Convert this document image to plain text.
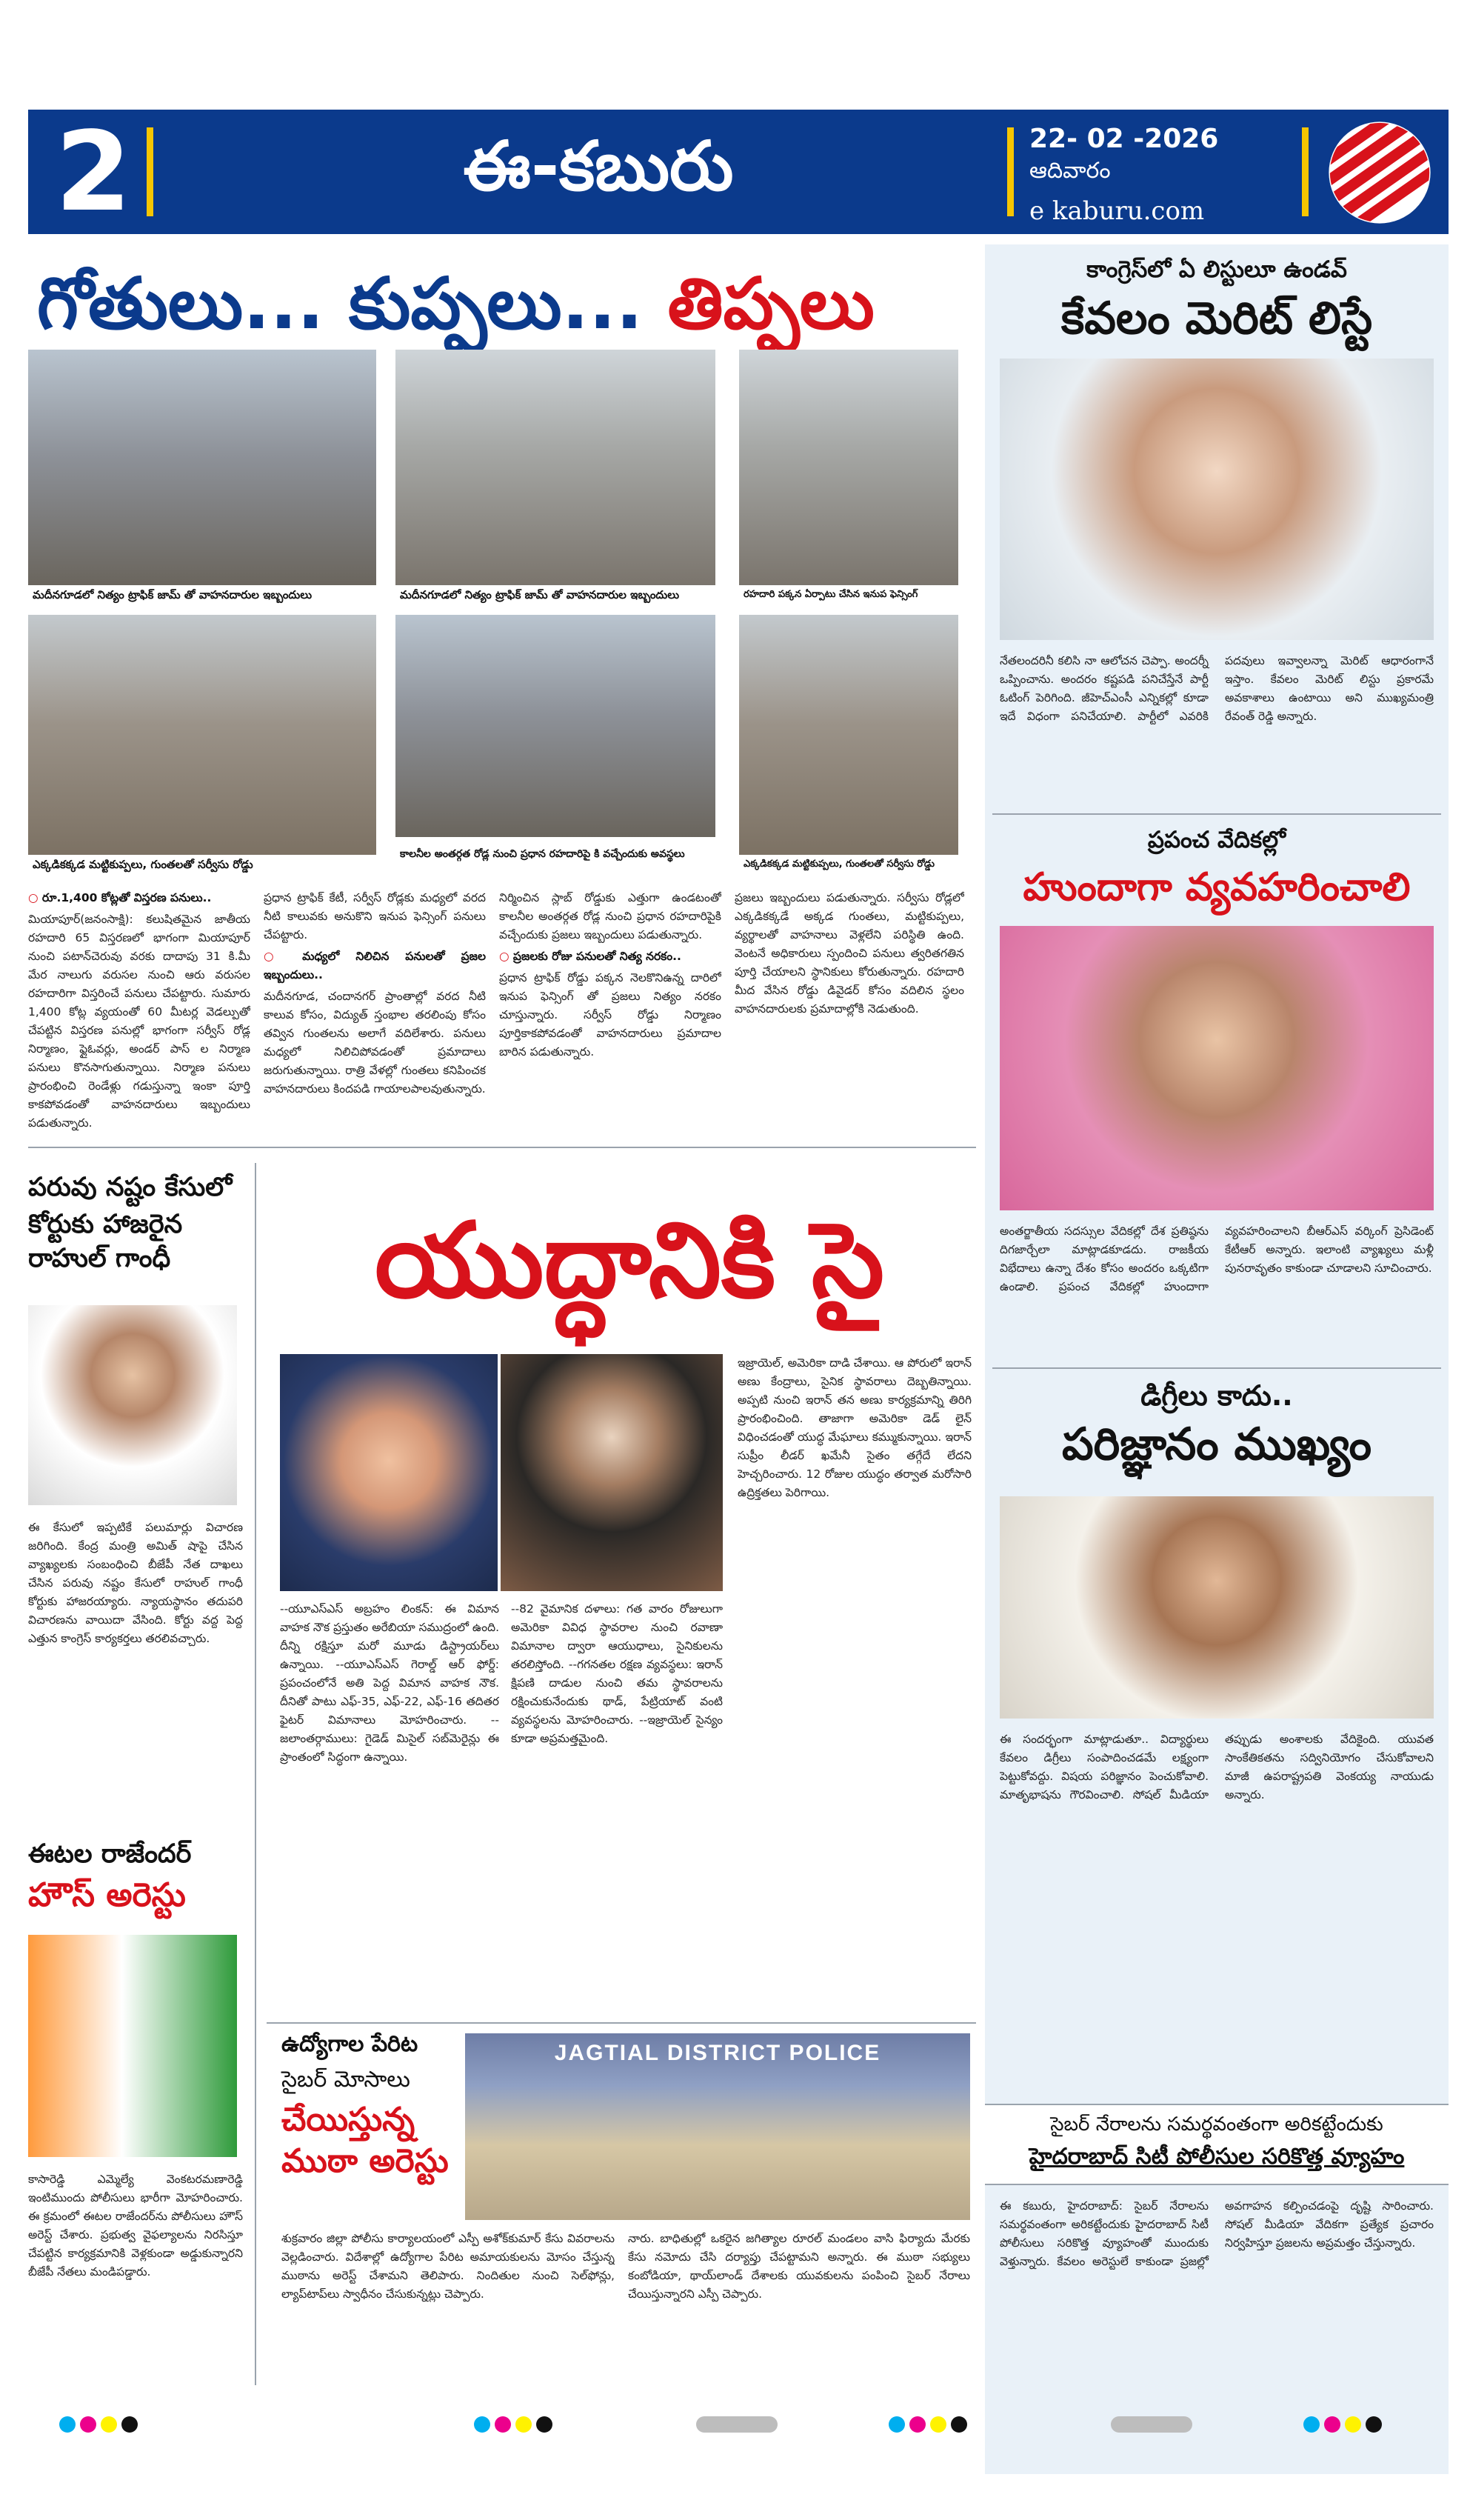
2	ఈ-కబురు	22- 02 -2026
ఆదివారం
e kaburu.com
గోతులు... కుప్పలు... తిప్పలు
మదీనగూడలో నిత్యం ట్రాఫిక్ జామ్ తో వాహనదారుల ఇబ్బందులు	మదీనగూడలో నిత్యం ట్రాఫిక్ జామ్ తో వాహనదారుల ఇబ్బందులు	రహదారి పక్కన ఏర్పాటు చేసిన ఇనుప ఫెన్సింగ్
ఎక్కడికక్కడ మట్టికుప్పలు, గుంతలతో సర్వీసు రోడ్డు
కాలనీల అంతర్గత రోడ్ల నుంచి ప్రధాన రహదారిపై కి వచ్చేందుకు అవస్థలు
ఎక్కడికక్కడ మట్టికుప్పలు, గుంతలతో సర్వీసు రోడ్డు

○ రూ.1,400 కోట్లతో విస్తరణ పనులు..

మియాపూర్(జనంసాక్షి): కలుషితమైన జాతీయ రహదారి 65 విస్తరణలో భాగంగా మియాపూర్ నుంచి పటాన్‌చెరువు వరకు దాదాపు 31 కి.మీ మేర నాలుగు వరుసల నుంచి ఆరు వరుసల రహదారిగా విస్తరించే పనులు చేపట్టారు. సుమారు 1,400 కోట్ల వ్యయంతో 60 మీటర్ల వెడల్పుతో చేపట్టిన విస్తరణ పనుల్లో భాగంగా సర్వీస్ రోడ్ల నిర్మాణం, ఫ్లైఓవర్లు, అండర్ పాస్ ల నిర్మాణ పనులు కొనసాగుతున్నాయి. నిర్మాణ పనులు ప్రారంభించి రెండేళ్లు గడుస్తున్నా ఇంకా పూర్తి కాకపోవడంతో వాహనదారులు ఇబ్బందులు పడుతున్నారు.

ప్రధాన ట్రాఫిక్‌ కేటీ, సర్వీస్ రోడ్లకు మధ్యలో వరద నీటి కాలువకు అనుకొని ఇనుప ఫెన్సింగ్ పనులు చేపట్టారు.

○ మధ్యలో నిలిచిన పనులతో ప్రజల ఇబ్బందులు..

మదీనగూడ, చందానగర్ ప్రాంతాల్లో వరద నీటి కాలువ కోసం, విద్యుత్ స్తంభాల తరలింపు కోసం తవ్విన గుంతలను అలాగే వదిలేశారు. పనులు మధ్యలో నిలిచిపోవడంతో ప్రమాదాలు జరుగుతున్నాయి. రాత్రి వేళల్లో గుంతలు కనిపించక వాహనదారులు కిందపడి గాయాలపాలవుతున్నారు.

నిర్మించిన స్లాబ్ రోడ్డుకు ఎత్తుగా ఉండటంతో కాలనీల అంతర్గత రోడ్ల నుంచి ప్రధాన రహదారిపైకి వచ్చేందుకు ప్రజలు ఇబ్బందులు పడుతున్నారు.

○ ప్రజలకు రోజు పనులతో నిత్య నరకం..

ప్రధాన ట్రాఫిక్‌ రోడ్డు పక్కన నెలకొనిఉన్న దారిలో ఇనుప ఫెన్సింగ్ తో ప్రజలు నిత్యం నరకం చూస్తున్నారు. సర్వీస్ రోడ్డు నిర్మాణం పూర్తికాకపోవడంతో వాహనదారులు ప్రమాదాల బారిన పడుతున్నారు.

ప్రజలు ఇబ్బందులు పడుతున్నారు. సర్వీసు రోడ్లలో ఎక్కడికక్కడే అక్కడ గుంతలు, మట్టికుప్పలు, వ్యర్థాలతో వాహనాలు వెళ్లలేని పరిస్థితి ఉంది. వెంటనే అధికారులు స్పందించి పనులు త్వరితగతిన పూర్తి చేయాలని స్థానికులు కోరుతున్నారు. రహదారి మీద వేసిన రోడ్డు డివైడర్ కోసం వదిలిన స్థలం వాహనదారులకు ప్రమాదాల్లోకి నెడుతుంది.

పరువు నష్టం కేసులో
కోర్టుకు హాజరైన రాహుల్ గాంధీ

ఈ కేసులో ఇప్పటికే పలుమార్లు విచారణ జరిగింది. కేంద్ర మంత్రి అమిత్ షాపై చేసిన వ్యాఖ్యలకు సంబంధించి బీజేపీ నేత దాఖలు చేసిన పరువు నష్టం కేసులో రాహుల్ గాంధీ కోర్టుకు హాజరయ్యారు. న్యాయస్థానం తదుపరి విచారణను వాయిదా వేసింది. కోర్టు వద్ద పెద్ద ఎత్తున కాంగ్రెస్ కార్యకర్తలు తరలివచ్చారు.

ఈటల రాజేందర్
హౌస్ అరెస్టు

కాసారెడ్డి ఎమ్మెల్యే వెంకటరమణారెడ్డి ఇంటిముందు పోలీసులు భారీగా మోహరించారు. ఈ క్రమంలో ఈటల రాజేందర్‌ను పోలీసులు హౌస్ అరెస్ట్ చేశారు. ప్రభుత్వ వైఫల్యాలను నిరసిస్తూ చేపట్టిన కార్యక్రమానికి వెళ్లకుండా అడ్డుకున్నారని బీజేపీ నేతలు మండిపడ్డారు.

యుద్ధానికి సై

--యూఎస్‌ఎస్ అబ్రహం లింకన్: ఈ విమాన వాహక నౌక ప్రస్తుతం అరేబియా సముద్రంలో ఉంది. దీన్ని రక్షిస్తూ మరో మూడు డిస్ట్రాయర్‌లు ఉన్నాయి. --యూఎస్‌ఎస్ గెరాల్డ్ ఆర్ ఫోర్డ్: ప్రపంచంలోనే అతి పెద్ద విమాన వాహక నౌక. దీనితో పాటు ఎఫ్-35, ఎఫ్-22, ఎఫ్-16 తదితర ఫైటర్ విమానాలు మోహరించారు. --జలాంతర్గాములు: గైడెడ్ మిసైల్ సబ్‌మెరైన్లు ఈ ప్రాంతంలో సిద్ధంగా ఉన్నాయి.

--82 వైమానిక దళాలు: గత వారం రోజులుగా అమెరికా వివిధ స్థావరాల నుంచి రవాణా విమానాల ద్వారా ఆయుధాలు, సైనికులను తరలిస్తోంది. --గగనతల రక్షణ వ్యవస్థలు: ఇరాన్ క్షిపణి దాడుల నుంచి తమ స్థావరాలను రక్షించుకునేందుకు థాడ్, పేట్రియాట్ వంటి వ్యవస్థలను మోహరించారు. --ఇజ్రాయెల్ సైన్యం కూడా అప్రమత్తమైంది.

ఇజ్రాయెల్, అమెరికా దాడి చేశాయి. ఆ పోరులో ఇరాన్ అణు కేంద్రాలు, సైనిక స్థావరాలు దెబ్బతిన్నాయి. అప్పటి నుంచి ఇరాన్ తన అణు కార్యక్రమాన్ని తిరిగి ప్రారంభించింది. తాజాగా అమెరికా డెడ్ లైన్ విధించడంతో యుద్ధ మేఘాలు కమ్ముకున్నాయి. ఇరాన్ సుప్రీం లీడర్ ఖమేనీ సైతం తగ్గేదే లేదని హెచ్చరించారు. 12 రోజుల యుద్ధం తర్వాత మరోసారి ఉద్రిక్తతలు పెరిగాయి.

ఉద్యోగాల పేరిట
సైబర్ మోసాలు
చేయిస్తున్న ముఠా అరెస్టు
JAGTIAL DISTRICT POLICE

శుక్రవారం జిల్లా పోలీసు కార్యాలయంలో ఎస్పీ అశోక్‌కుమార్ కేసు వివరాలను వెల్లడించారు. విదేశాల్లో ఉద్యోగాల పేరిట అమాయకులను మోసం చేస్తున్న ముఠాను అరెస్ట్ చేశామని తెలిపారు. నిందితుల నుంచి సెల్‌ఫోన్లు, ల్యాప్‌టాప్‌లు స్వాధీనం చేసుకున్నట్లు చెప్పారు.

నారు. బాధితుల్లో ఒకరైన జగిత్యాల రూరల్ మండలం వాసి ఫిర్యాదు మేరకు కేసు నమోదు చేసి దర్యాప్తు చేపట్టామని అన్నారు. ఈ ముఠా సభ్యులు కంబోడియా, థాయ్‌లాండ్ దేశాలకు యువకులను పంపించి సైబర్ నేరాలు చేయిస్తున్నారని ఎస్పీ చెప్పారు.

కాంగ్రెస్‌లో ఏ లిస్టులూ ఉండవ్
కేవలం మెరిట్ లిస్టే

నేతలందరినీ కలిసి నా ఆలోచన చెప్పా. అందర్నీ ఒప్పించాను. అందరం కష్టపడి పనిచేస్తేనే పార్టీ ఓటింగ్ పెరిగింది. జీహెచ్ఎంసీ ఎన్నికల్లో కూడా ఇదే విధంగా పనిచేయాలి. పార్టీలో ఎవరికి పదవులు ఇవ్వాలన్నా మెరిట్ ఆధారంగానే ఇస్తాం. కేవలం మెరిట్ లిస్టు ప్రకారమే అవకాశాలు ఉంటాయి అని ముఖ్యమంత్రి రేవంత్ రెడ్డి అన్నారు.

ప్రపంచ వేదికల్లో
హుందాగా వ్యవహరించాలి

అంతర్జాతీయ సదస్సుల వేదికల్లో దేశ ప్రతిష్ఠను దిగజార్చేలా మాట్లాడకూడదు. రాజకీయ విభేదాలు ఉన్నా దేశం కోసం అందరం ఒక్కటిగా ఉండాలి. ప్రపంచ వేదికల్లో హుందాగా వ్యవహరించాలని బీఆర్ఎస్ వర్కింగ్ ప్రెసిడెంట్ కేటీఆర్ అన్నారు. ఇలాంటి వ్యాఖ్యలు మళ్లీ పునరావృతం కాకుండా చూడాలని సూచించారు.

డిగ్రీలు కాదు..
పరిజ్ఞానం ముఖ్యం

ఈ సందర్భంగా మాట్లాడుతూ.. విద్యార్థులు కేవలం డిగ్రీలు సంపాదించడమే లక్ష్యంగా పెట్టుకోవద్దు. విషయ పరిజ్ఞానం పెంచుకోవాలి. మాతృభాషను గౌరవించాలి. సోషల్ మీడియా తప్పుడు అంశాలకు వేదికైంది. యువత సాంకేతికతను సద్వినియోగం చేసుకోవాలని మాజీ ఉపరాష్ట్రపతి వెంకయ్య నాయుడు అన్నారు.

సైబర్ నేరాలను సమర్థవంతంగా అరికట్టేందుకు
హైదరాబాద్ సిటీ పోలీసుల సరికొత్త వ్యూహం

ఈ కబురు, హైదరాబాద్: సైబర్ నేరాలను సమర్థవంతంగా అరికట్టేందుకు హైదరాబాద్ సిటీ పోలీసులు సరికొత్త వ్యూహంతో ముందుకు వెళ్తున్నారు. కేవలం అరెస్టులే కాకుండా ప్రజల్లో అవగాహన కల్పించడంపై దృష్టి సారించారు. సోషల్ మీడియా వేదికగా ప్రత్యేక ప్రచారం నిర్వహిస్తూ ప్రజలను అప్రమత్తం చేస్తున్నారు.
